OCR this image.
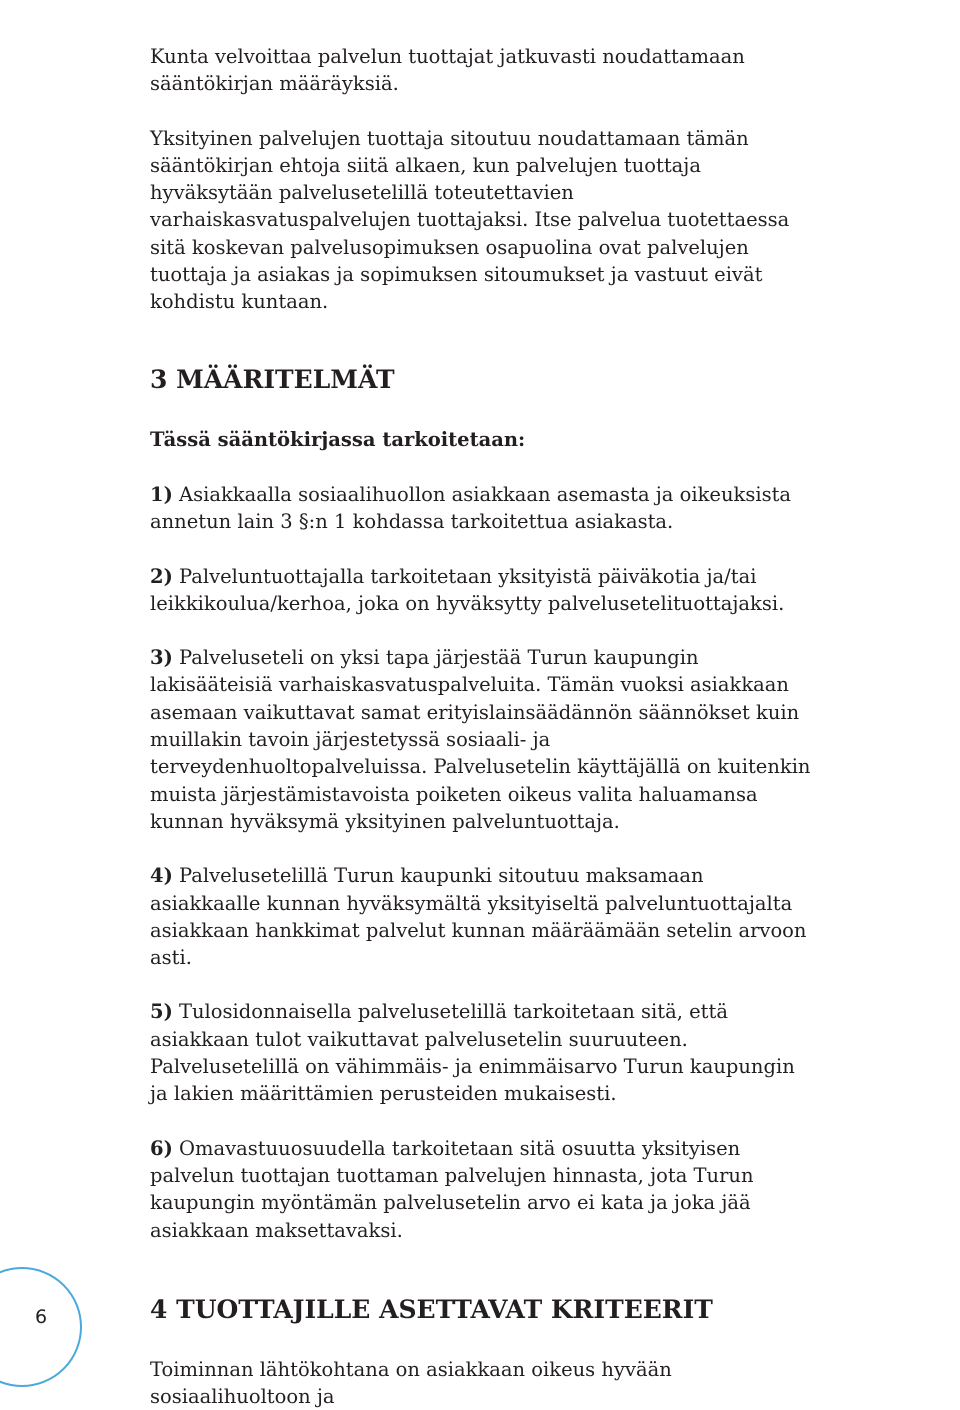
Kunta velvoittaa palvelun tuottajat jatkuvasti noudattamaan sääntökirjan määräyksiä.

Yksityinen palvelujen tuottaja sitoutuu noudattamaan tämän sääntökirjan ehtoja siitä alkaen, kun palvelujen tuottaja hyväksytään palvelusetelillä toteutettavien varhaiskasvatuspalvelujen tuottajaksi. Itse palvelua tuotettaessa sitä koskevan palvelusopimuksen osapuolina ovat palvelujen tuottaja ja asiakas ja sopimuksen sitoumukset ja vastuut eivät kohdistu kuntaan.

3 MÄÄRITELMÄT

Tässä sääntökirjassa tarkoitetaan:

1) Asiakkaalla sosiaalihuollon asiakkaan asemasta ja oikeuksista annetun lain 3 §:n 1 kohdassa tarkoitettua asiakasta.

2) Palveluntuottajalla tarkoitetaan yksityistä päiväkotia ja/tai leikkikoulua/kerhoa, joka on hyväksytty palvelusetelituottajaksi.

3) Palveluseteli on yksi tapa järjestää Turun kaupungin lakisääteisiä varhaiskasvatuspalveluita. Tämän vuoksi asiakkaan asemaan vaikuttavat samat erityislainsäädännön säännökset kuin muillakin tavoin järjestetyssä sosiaali- ja terveydenhuoltopalveluissa. Palvelusetelin käyttäjällä on kuitenkin muista järjestämistavoista poiketen oikeus valita haluamansa kunnan hyväksymä yksityinen palveluntuottaja.

4) Palvelusetelillä Turun kaupunki sitoutuu maksamaan asiakkaalle kunnan hyväksymältä yksityiseltä palveluntuottajalta asiakkaan hankkimat palvelut kunnan määräämään setelin arvoon asti.

5) Tulosidonnaisella palvelusetelillä tarkoitetaan sitä, että asiakkaan tulot vaikuttavat palvelusetelin suuruuteen. Palvelusetelillä on vähimmäis- ja enimmäisarvo Turun kaupungin ja lakien määrittämien perusteiden mukaisesti.

6) Omavastuuosuudella tarkoitetaan sitä osuutta yksityisen palvelun tuottajan tuottaman palvelujen hinnasta, jota Turun kaupungin myöntämän palvelusetelin arvo ei kata ja joka jää asiakkaan maksettavaksi.

4 TUOTTAJILLE ASETTAVAT KRITEERIT

Toiminnan lähtökohtana on asiakkaan oikeus hyvään sosiaalihuoltoon ja

6
